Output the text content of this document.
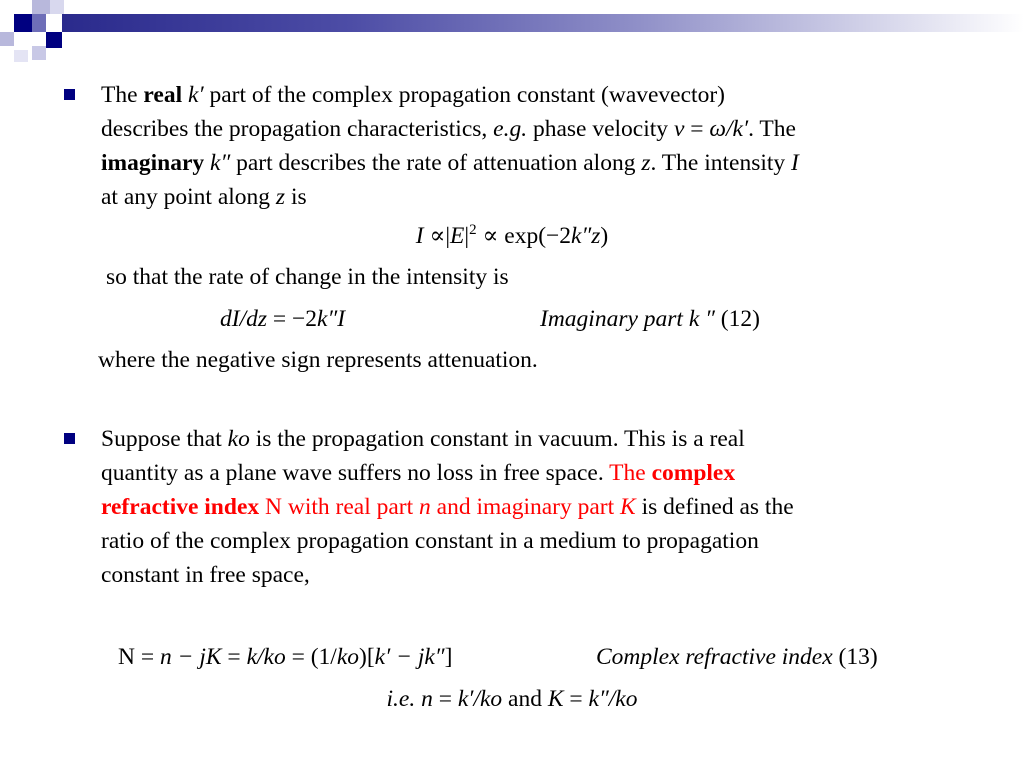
The real k′ part of the complex propagation constant (wavevector)
describes the propagation characteristics, e.g. phase velocity v = ω/k′. The
imaginary k″ part describes the rate of attenuation along z. The intensity I
at any point along z is
$I \propto|E|^2 \propto \exp(-2k''z)$
so that the rate of change in the intensity is
dI/dz = −2k″I	Imaginary part k ″ (12)
where the negative sign represents attenuation.
Suppose that ko is the propagation constant in vacuum. This is a real
quantity as a plane wave suffers no loss in free space. The complex
refractive index N with real part n and imaginary part K is defined as the
ratio of the complex propagation constant in a medium to propagation
constant in free space,
N = n − jK = k/ko = (1/ko)[k′ − jk″]	Complex refractive index (13)
i.e. n = k′/ko and K = k″/ko
